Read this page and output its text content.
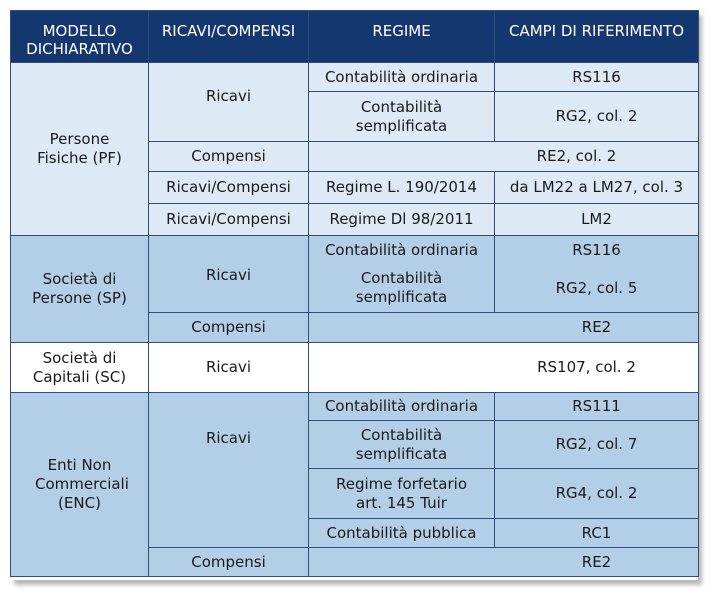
MODELLO DICHIARATIVO	RICAVI/COMPENSI	REGIME	CAMPI DI RIFERIMENTO
Persone Fisiche (PF)	Ricavi	Contabilità ordinaria	RS116
		Contabilità semplificata	RG2, col. 2
	Compensi	RE2, col. 2	
	Ricavi/Compensi	Regime L. 190/2014	da LM22 a LM27, col. 3
	Ricavi/Compensi	Regime Dl 98/2011	LM2
Società di Persone (SP)	Ricavi	Contabilità ordinaria	RS116
		Contabilità semplificata	RG2, col. 5
	Compensi	RE2	
Società di Capitali (SC)	Ricavi	RS107, col. 2	
Enti Non Commerciali (ENC)	Ricavi	Contabilità ordinaria	RS111
		Contabilità semplificata	RG2, col. 7
		Regime forfetario art. 145 Tuir	RG4, col. 2
		Contabilità pubblica	RC1
	Compensi	RE2	
